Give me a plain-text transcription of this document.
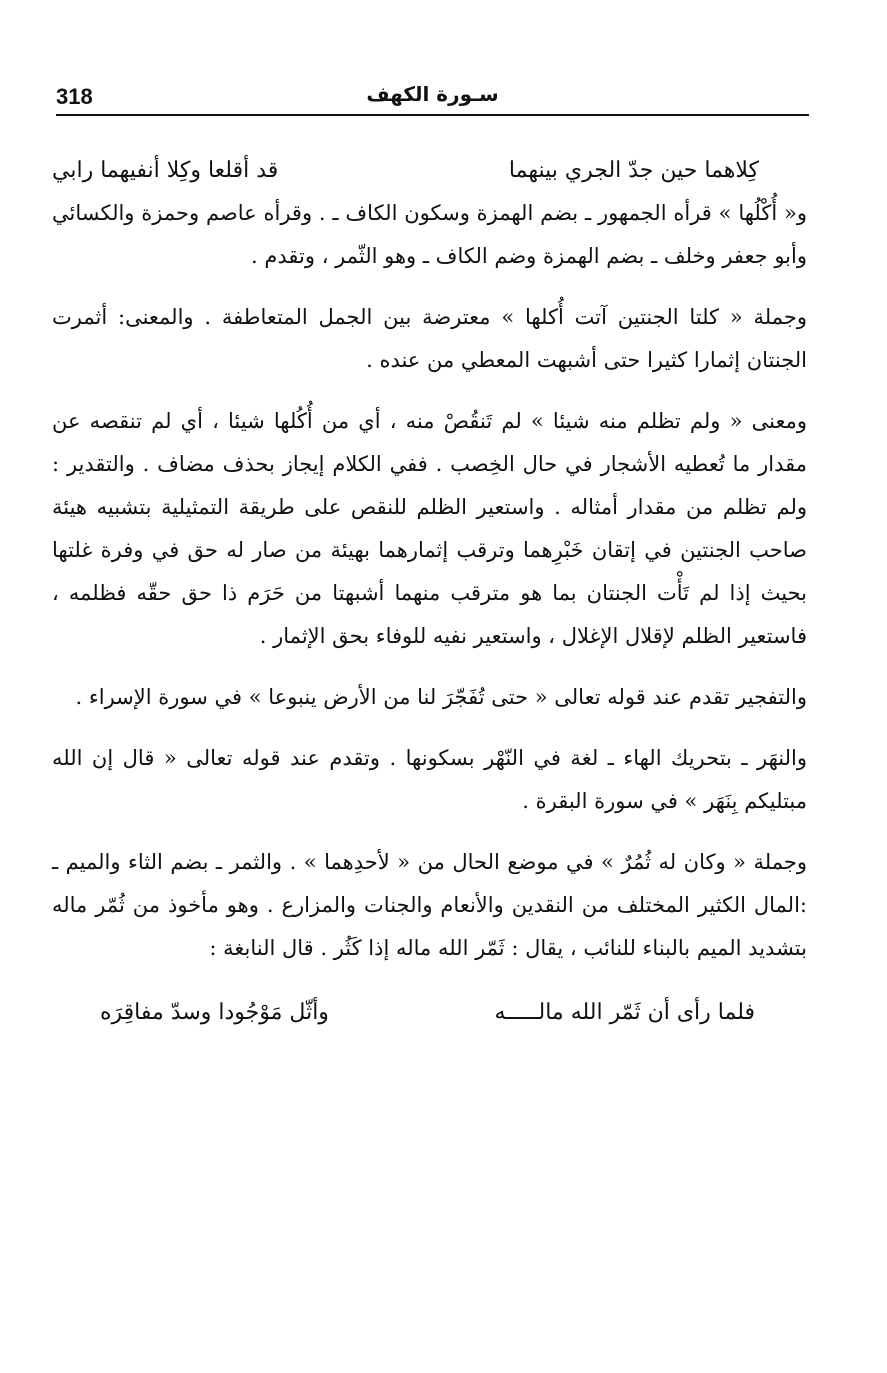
سـورة الكهف
318
كِلاهما حين جدّ الجري بينهما
قد أقلعا وكِلا أنفيهما رابي

و« أُكْلُها » قرأه الجمهور ـ بضم الهمزة وسكون الكاف ـ . وقرأه عاصم وحمزة والكسائي وأبو جعفر وخلف ـ بضم الهمزة وضم الكاف ـ وهو الثّمر ، وتقدم .

وجملة « كلتا الجنتين آتت أُكلها » معترضة بين الجمل المتعاطفة . والمعنى: أثمرت الجنتان إثمارا كثيرا حتى أشبهت المعطي من عنده .

ومعنى « ولم تظلم منه شيئا » لم تَنقُصْ منه ، أي من أُكُلها شيئا ، أي لم تنقصه عن مقدار ما تُعطيه الأشجار في حال الخِصب . ففي الكلام إيجاز بحذف مضاف . والتقدير : ولم تظلم من مقدار أمثاله . واستعير الظلم للنقص على طريقة التمثيلية بتشبيه هيئة صاحب الجنتين في إتقان خَبْرِهما وترقب إثمارهما بهيئة من صار له حق في وفرة غلتها بحيث إذا لم تَأْت الجنتان بما هو مترقب منهما أشبهتا من حَرَم ذا حق حقّه فظلمه ، فاستعير الظلم لإقلال الإغلال ، واستعير نفيه للوفاء بحق الإثمار .

والتفجير تقدم عند قوله تعالى « حتى تُفَجّرَ لنا من الأرض ينبوعا » في سورة الإسراء .

والنهَر ـ بتحريك الهاء ـ لغة في النّهْر بسكونها . وتقدم عند قوله تعالى « قال إن الله مبتليكم بِنَهَر » في سورة البقرة .

وجملة « وكان له ثُمُرٌ » في موضع الحال من « لأحدِهما » . والثمر ـ بضم الثاء والميم ـ :المال الكثير المختلف من النقدين والأنعام والجنات والمزارع . وهو مأخوذ من ثُمّر ماله بتشديد الميم بالبناء للنائب ، يقال : ثَمّر الله ماله إذا كَثُر . قال النابغة :

فلما رأى أن ثَمّر الله مالـــــه
وأثّل مَوْجُودا وسدّ مفاقِرَه
